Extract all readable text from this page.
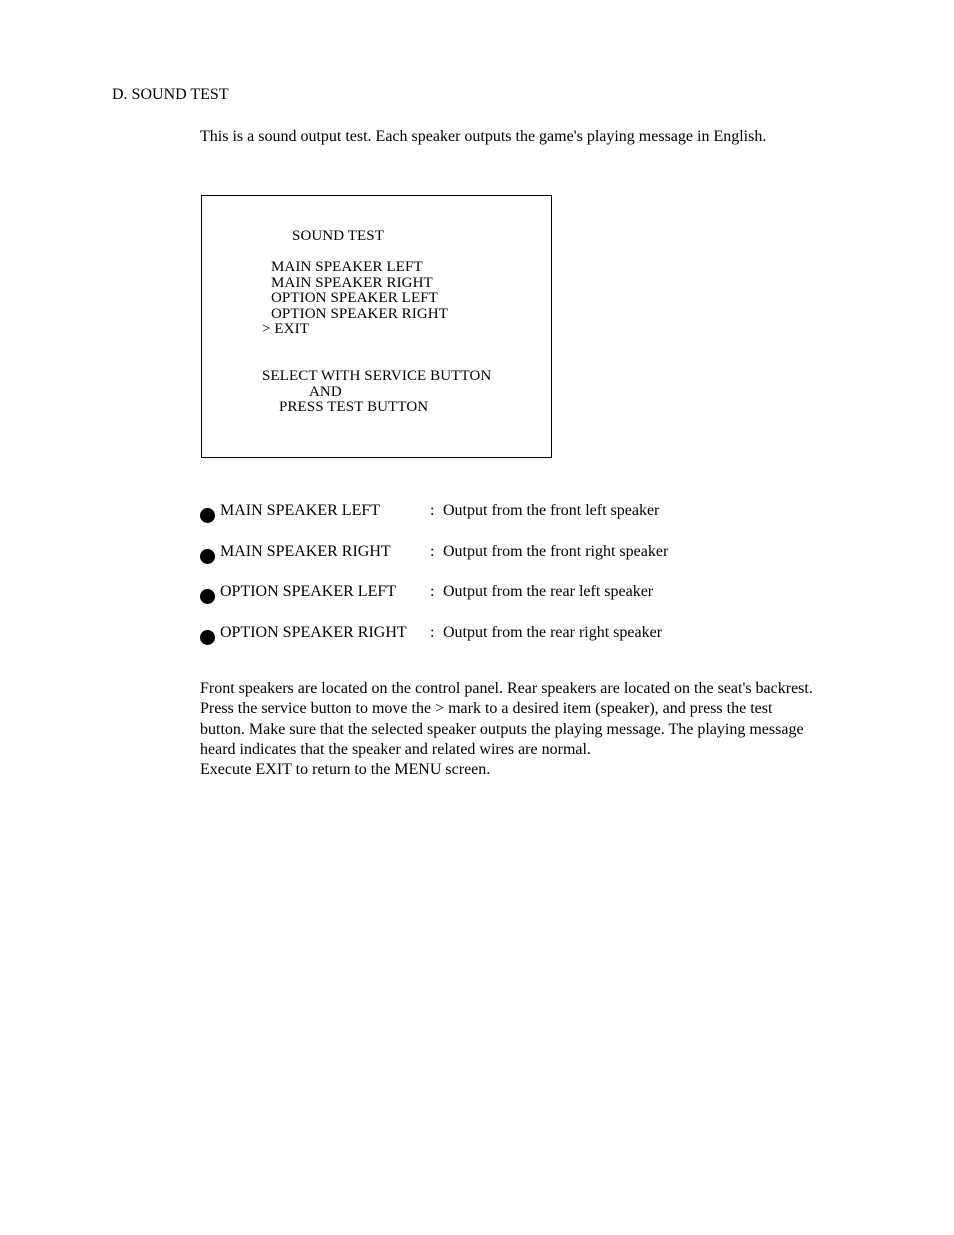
D. SOUND TEST
This is a sound output test. Each speaker outputs the game's playing message in English.
SOUND TEST
MAIN SPEAKER LEFT
MAIN SPEAKER RIGHT
OPTION SPEAKER LEFT
OPTION SPEAKER RIGHT
> EXIT
SELECT WITH SERVICE BUTTON
AND
PRESS TEST BUTTON
MAIN SPEAKER LEFT	: Output from the front left speaker
MAIN SPEAKER RIGHT : Output from the front right speaker
OPTION SPEAKER LEFT : Output from the rear left speaker
OPTION SPEAKER RIGHT : Output from the rear right speaker
Front speakers are located on the control panel. Rear speakers are located on the seat's backrest.
Press the service button to move the > mark to a desired item (speaker), and press the test
button. Make sure that the selected speaker outputs the playing message. The playing message
heard indicates that the speaker and related wires are normal.
Execute EXIT to return to the MENU screen.
